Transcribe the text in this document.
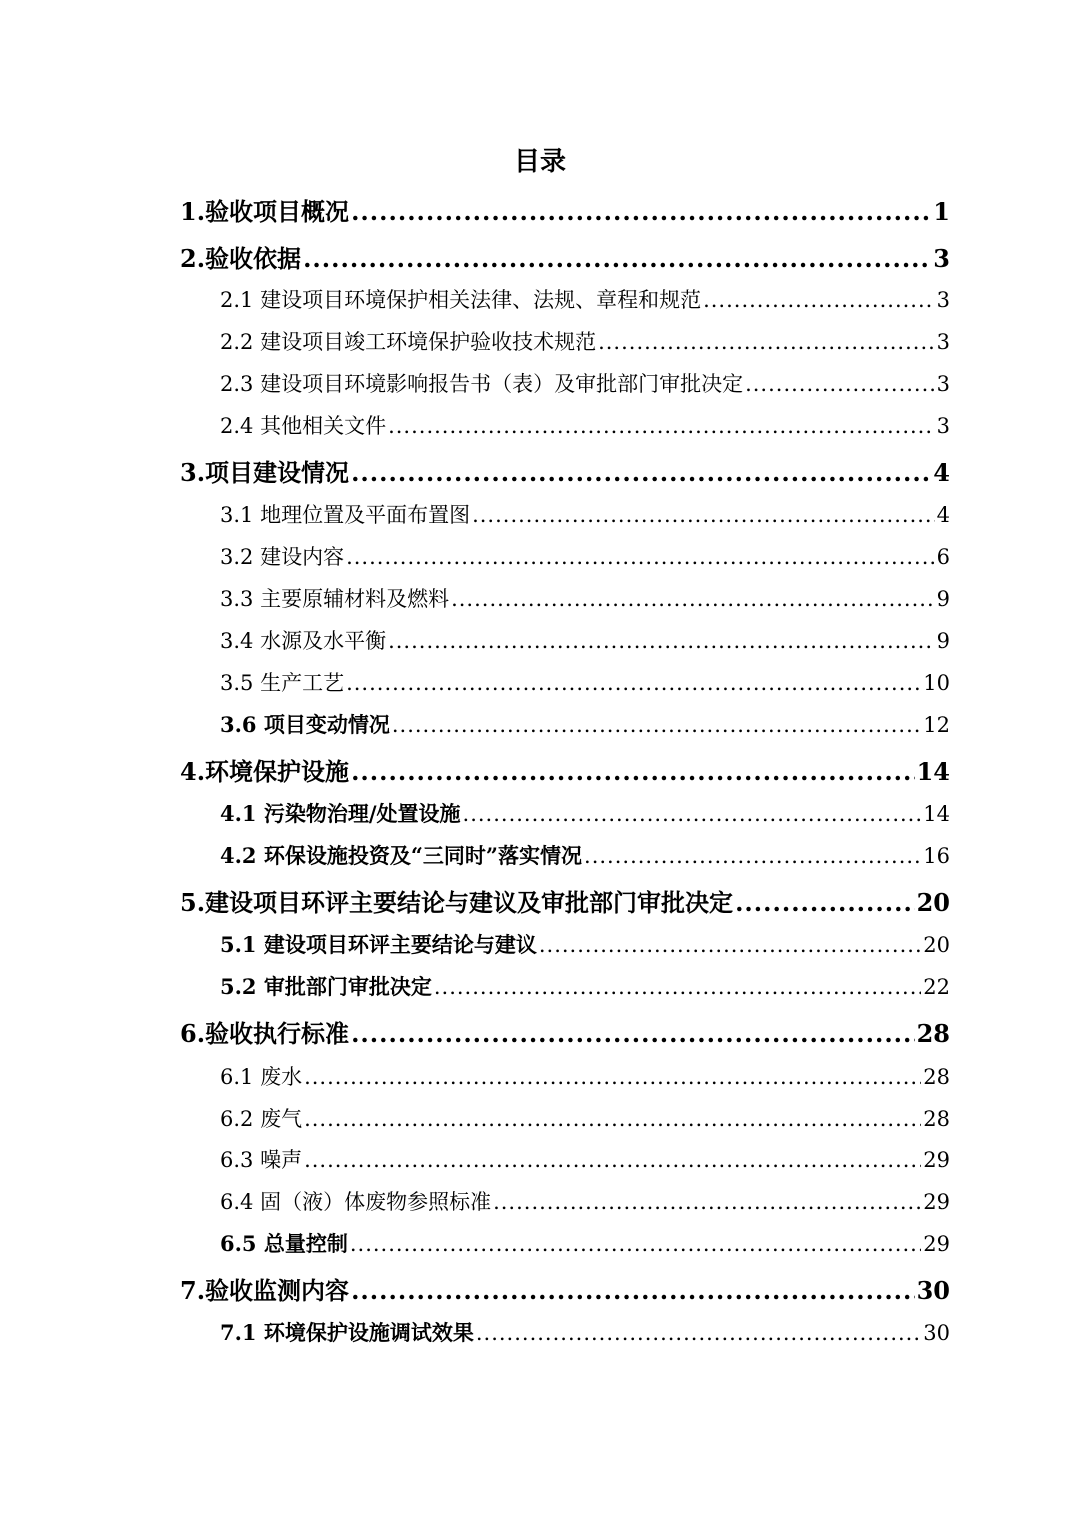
目录
1.验收项目概况 .....	1
2.验收依据 .....	3
2.1 建设项目环境保护相关法律、法规、章程和规范 .....	3
2.2 建设项目竣工环境保护验收技术规范 .....	3
2.3 建设项目环境影响报告书（表）及审批部门审批决定 .....	3
2.4 其他相关文件 .....	3
3.项目建设情况 .....	4
3.1 地理位置及平面布置图 .....	4
3.2 建设内容 .....	6
3.3 主要原辅材料及燃料 .....	9
3.4 水源及水平衡 .....	9
3.5 生产工艺 .....	10
3.6 项目变动情况 .....	12
4.环境保护设施 .....	14
4.1 污染物治理/处置设施 .....	14
4.2 环保设施投资及“三同时”落实情况 .....	16
5.建设项目环评主要结论与建议及审批部门审批决定 .....	20
5.1 建设项目环评主要结论与建议 .....	20
5.2 审批部门审批决定 .....	22
6.验收执行标准 .....	28
6.1 废水 .....	28
6.2 废气 .....	28
6.3 噪声 .....	29
6.4 固（液）体废物参照标准 .....	29
6.5 总量控制 .....	29
7.验收监测内容 .....	30
7.1 环境保护设施调试效果 .....	30
